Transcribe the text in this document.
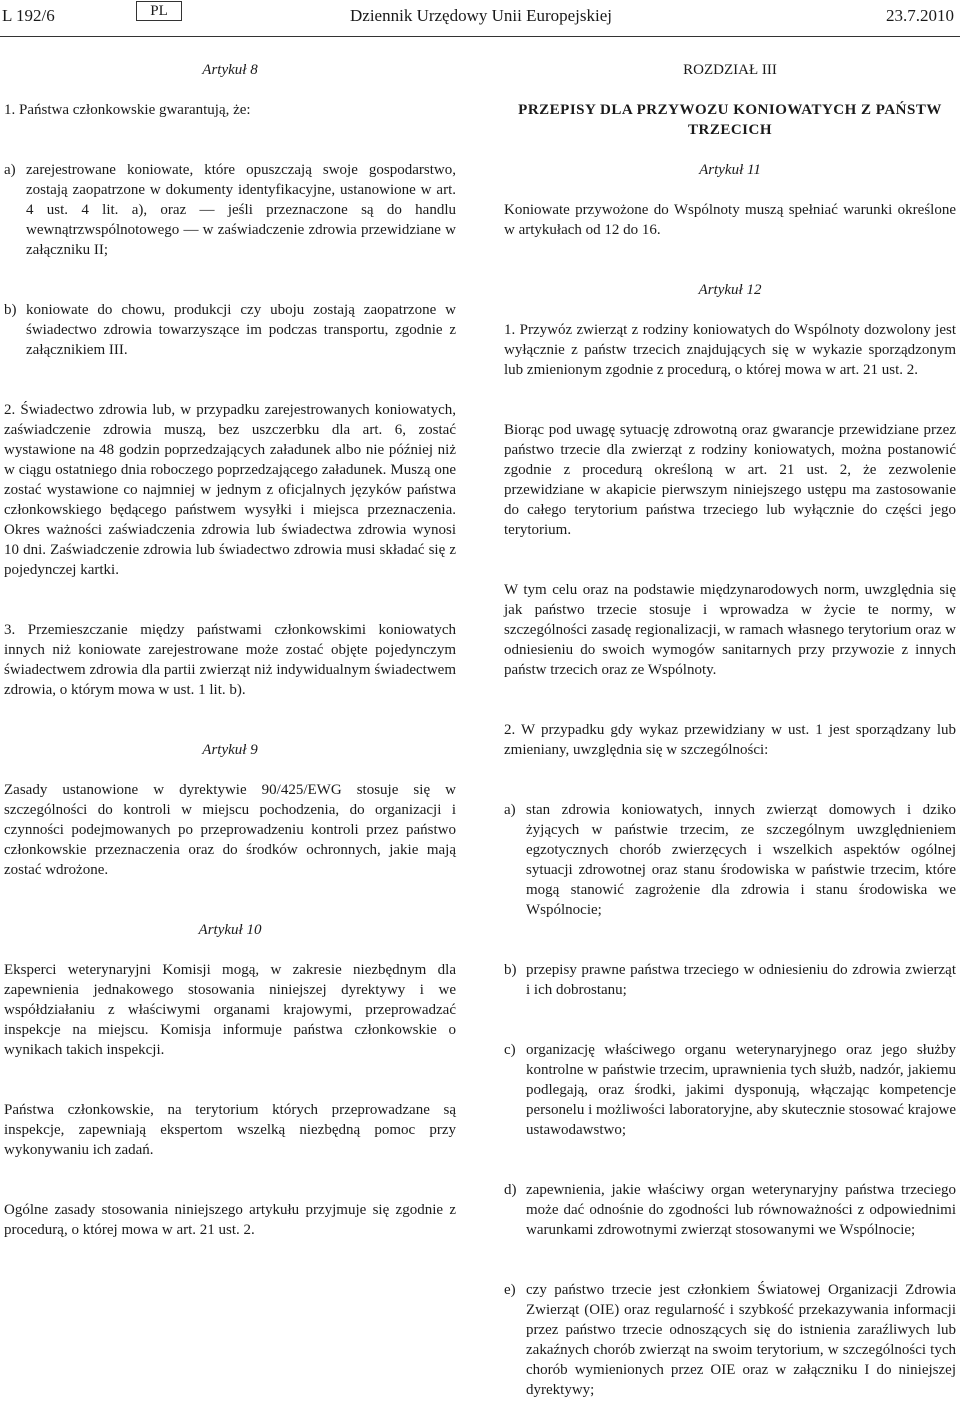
L 192/6	PL	Dziennik Urzędowy Unii Europejskiej	23.7.2010

Artykuł 8

1. Państwa członkowskie gwarantują, że:

a) zarejestrowane koniowate, które opuszczają swoje gospodarstwo, zostają zaopatrzone w dokumenty identyfikacyjne, ustanowione w art. 4 ust. 4 lit. a), oraz — jeśli przeznaczone są do handlu wewnątrzwspólnotowego — w zaświadczenie zdrowia przewidziane w załączniku II;
b) koniowate do chowu, produkcji czy uboju zostają zaopatrzone w świadectwo zdrowia towarzyszące im podczas transportu, zgodnie z załącznikiem III.

2. Świadectwo zdrowia lub, w przypadku zarejestrowanych koniowatych, zaświadczenie zdrowia muszą, bez uszczerbku dla art. 6, zostać wystawione na 48 godzin poprzedzających załadunek albo nie później niż w ciągu ostatniego dnia roboczego poprzedzającego załadunek. Muszą one zostać wystawione co najmniej w jednym z oficjalnych języków państwa członkowskiego będącego państwem wysyłki i miejsca przeznaczenia. Okres ważności zaświadczenia zdrowia lub świadectwa zdrowia wynosi 10 dni. Zaświadczenie zdrowia lub świadectwo zdrowia musi składać się z pojedynczej kartki.

3. Przemieszczanie między państwami członkowskimi koniowatych innych niż koniowate zarejestrowane może zostać objęte pojedynczym świadectwem zdrowia dla partii zwierząt niż indywidualnym świadectwem zdrowia, o którym mowa w ust. 1 lit. b).

Artykuł 9

Zasady ustanowione w dyrektywie 90/425/EWG stosuje się w szczególności do kontroli w miejscu pochodzenia, do organizacji i czynności podejmowanych po przeprowadzeniu kontroli przez państwo członkowskie przeznaczenia oraz do środków ochronnych, jakie mają zostać wdrożone.

Artykuł 10

Eksperci weterynaryjni Komisji mogą, w zakresie niezbędnym dla zapewnienia jednakowego stosowania niniejszej dyrektywy i we współdziałaniu z właściwymi organami krajowymi, przeprowadzać inspekcje na miejscu. Komisja informuje państwa członkowskie o wynikach takich inspekcji.

Państwa członkowskie, na terytorium których przeprowadzane są inspekcje, zapewniają ekspertom wszelką niezbędną pomoc przy wykonywaniu ich zadań.

Ogólne zasady stosowania niniejszego artykułu przyjmuje się zgodnie z procedurą, o której mowa w art. 21 ust. 2.

ROZDZIAŁ III

PRZEPISY DLA PRZYWOZU KONIOWATYCH Z PAŃSTW TRZECICH

Artykuł 11

Koniowate przywożone do Wspólnoty muszą spełniać warunki określone w artykułach od 12 do 16.

Artykuł 12

1. Przywóz zwierząt z rodziny koniowatych do Wspólnoty dozwolony jest wyłącznie z państw trzecich znajdujących się w wykazie sporządzonym lub zmienionym zgodnie z procedurą, o której mowa w art. 21 ust. 2.

Biorąc pod uwagę sytuację zdrowotną oraz gwarancje przewidziane przez państwo trzecie dla zwierząt z rodziny koniowatych, można postanowić zgodnie z procedurą określoną w art. 21 ust. 2, że zezwolenie przewidziane w akapicie pierwszym niniejszego ustępu ma zastosowanie do całego terytorium państwa trzeciego lub wyłącznie do części jego terytorium.

W tym celu oraz na podstawie międzynarodowych norm, uwzględnia się jak państwo trzecie stosuje i wprowadza w życie te normy, w szczególności zasadę regionalizacji, w ramach własnego terytorium oraz w odniesieniu do swoich wymogów sanitarnych przy przywozie z innych państw trzecich oraz ze Wspólnoty.

2. W przypadku gdy wykaz przewidziany w ust. 1 jest sporządzany lub zmieniany, uwzględnia się w szczególności:

a) stan zdrowia koniowatych, innych zwierząt domowych i dziko żyjących w państwie trzecim, ze szczególnym uwzględnieniem egzotycznych chorób zwierzęcych i wszelkich aspektów ogólnej sytuacji zdrowotnej oraz stanu środowiska w państwie trzecim, które mogą stanowić zagrożenie dla zdrowia i stanu środowiska we Wspólnocie;
b) przepisy prawne państwa trzeciego w odniesieniu do zdrowia zwierząt i ich dobrostanu;
c) organizację właściwego organu weterynaryjnego oraz jego służby kontrolne w państwie trzecim, uprawnienia tych służb, nadzór, jakiemu podlegają, oraz środki, jakimi dysponują, włączając kompetencje personelu i możliwości laboratoryjne, aby skutecznie stosować krajowe ustawodawstwo;
d) zapewnienia, jakie właściwy organ weterynaryjny państwa trzeciego może dać odnośnie do zgodności lub równoważności z odpowiednimi warunkami zdrowotnymi zwierząt stosowanymi we Wspólnocie;
e) czy państwo trzecie jest członkiem Światowej Organizacji Zdrowia Zwierząt (OIE) oraz regularność i szybkość przekazywania informacji przez państwo trzecie odnoszących się do istnienia zaraźliwych lub zakaźnych chorób zwierząt na swoim terytorium, w szczególności tych chorób wymienionych przez OIE oraz w załączniku I do niniejszej dyrektywy;
